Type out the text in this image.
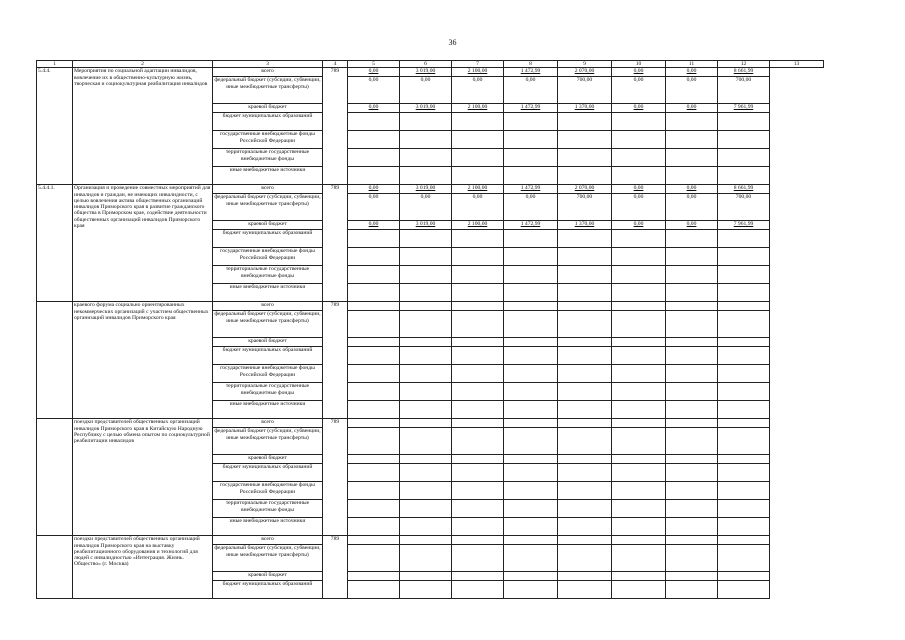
36
1	2	3	4	5	6	7	8	9	10	11	12	13
5.4.4.	Мероприятия по социальной адаптации инвалидов, вовлечение их в общественно-культурную жизнь, творческая и социокультурная реабилитация инвалидов	всего	789	0,00	3 019,00	2 100,00	1 472,99	2 070,00	0,00	0,00	8 661,99	
		федеральный бюджет (субсидии, субвенции, иные межбюджетные трансферты)		0,00	0,00	0,00	0,00	700,00	0,00	0,00	700,00	
		краевой бюджет		0,00	3 019,00	2 100,00	1 472,99	1 370,00	0,00	0,00	7 961,99	
		бюджет муниципальных образований										
		государственные внебюджетные фонды Российской Федерации										
		территориальные государственные внебюджетные фонды										
		иные внебюджетные источники										
5.4.4.1.	Организация и проведение совместных мероприятий для инвалидов и граждан, не имеющих инвалидности, с целью вовлечения актива общественных организаций инвалидов Приморского края в развитие гражданского общества в Приморском крае, содействие деятельности общественных организаций инвалидов Приморского края	всего	789	0,00	3 019,00	2 100,00	1 472,99	2 070,00	0,00	0,00	8 661,99	
		федеральный бюджет (субсидии, субвенции, иные межбюджетные трансферты)		0,00	0,00	0,00	0,00	700,00	0,00	0,00	700,00	
		краевой бюджет		0,00	3 019,00	2 100,00	1 472,99	1 370,00	0,00	0,00	7 961,99	
		бюджет муниципальных образований										
		государственные внебюджетные фонды Российской Федерации										
		территориальные государственные внебюджетные фонды										
		иные внебюджетные источники										
	краевого форума социально ориентированных некоммерческих организаций с участием общественных организаций инвалидов Приморского края	всего	789									
		федеральный бюджет (субсидии, субвенции, иные межбюджетные трансферты)										
		краевой бюджет										
		бюджет муниципальных образований										
		государственные внебюджетные фонды Российской Федерации										
		территориальные государственные внебюджетные фонды										
		иные внебюджетные источники										
	поездки представителей общественных организаций инвалидов Приморского края в Китайскую Народную Республику с целью обмена опытом по социокультурной реабилитации инвалидов	всего	789									
		федеральный бюджет (субсидии, субвенции, иные межбюджетные трансферты)										
		краевой бюджет										
		бюджет муниципальных образований										
		государственные внебюджетные фонды Российской Федерации										
		территориальные государственные внебюджетные фонды										
		иные внебюджетные источники										
	поездки представителей общественных организаций инвалидов Приморского края на выставку реабилитационного оборудования и технологий для людей с инвалидностью «Интеграция. Жизнь. Общество» (г. Москва)	всего	789									
		федеральный бюджет (субсидии, субвенции, иные межбюджетные трансферты)										
		краевой бюджет										
		бюджет муниципальных образований										
